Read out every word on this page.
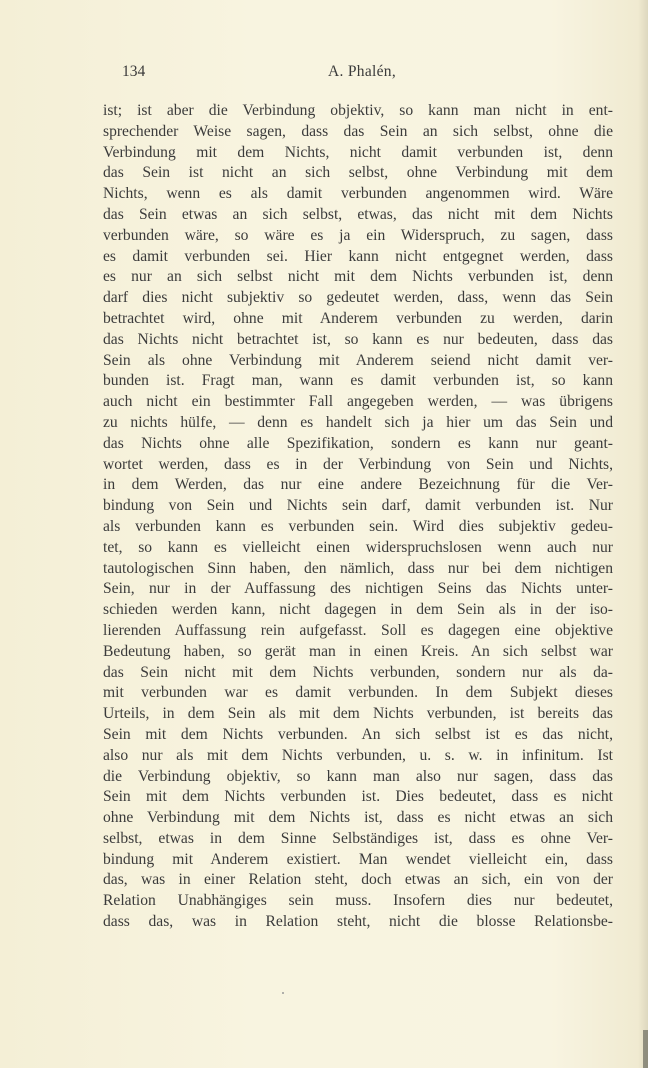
134	A. Phalén,
ist; ist aber die Verbindung objektiv, so kann man nicht in ent-
sprechender Weise sagen, dass das Sein an sich selbst, ohne die
Verbindung mit dem Nichts, nicht damit verbunden ist, denn
das Sein ist nicht an sich selbst, ohne Verbindung mit dem
Nichts, wenn es als damit verbunden angenommen wird. Wäre
das Sein etwas an sich selbst, etwas, das nicht mit dem Nichts
verbunden wäre, so wäre es ja ein Widerspruch, zu sagen, dass
es damit verbunden sei. Hier kann nicht entgegnet werden, dass
es nur an sich selbst nicht mit dem Nichts verbunden ist, denn
darf dies nicht subjektiv so gedeutet werden, dass, wenn das Sein
betrachtet wird, ohne mit Anderem verbunden zu werden, darin
das Nichts nicht betrachtet ist, so kann es nur bedeuten, dass das
Sein als ohne Verbindung mit Anderem seiend nicht damit ver-
bunden ist. Fragt man, wann es damit verbunden ist, so kann
auch nicht ein bestimmter Fall angegeben werden, — was übrigens
zu nichts hülfe, — denn es handelt sich ja hier um das Sein und
das Nichts ohne alle Spezifikation, sondern es kann nur geant-
wortet werden, dass es in der Verbindung von Sein und Nichts,
in dem Werden, das nur eine andere Bezeichnung für die Ver-
bindung von Sein und Nichts sein darf, damit verbunden ist. Nur
als verbunden kann es verbunden sein. Wird dies subjektiv gedeu-
tet, so kann es vielleicht einen widerspruchslosen wenn auch nur
tautologischen Sinn haben, den nämlich, dass nur bei dem nichtigen
Sein, nur in der Auffassung des nichtigen Seins das Nichts unter-
schieden werden kann, nicht dagegen in dem Sein als in der iso-
lierenden Auffassung rein aufgefasst. Soll es dagegen eine objektive
Bedeutung haben, so gerät man in einen Kreis. An sich selbst war
das Sein nicht mit dem Nichts verbunden, sondern nur als da-
mit verbunden war es damit verbunden. In dem Subjekt dieses
Urteils, in dem Sein als mit dem Nichts verbunden, ist bereits das
Sein mit dem Nichts verbunden. An sich selbst ist es das nicht,
also nur als mit dem Nichts verbunden, u. s. w. in infinitum. Ist
die Verbindung objektiv, so kann man also nur sagen, dass das
Sein mit dem Nichts verbunden ist. Dies bedeutet, dass es nicht
ohne Verbindung mit dem Nichts ist, dass es nicht etwas an sich
selbst, etwas in dem Sinne Selbständiges ist, dass es ohne Ver-
bindung mit Anderem existiert. Man wendet vielleicht ein, dass
das, was in einer Relation steht, doch etwas an sich, ein von der
Relation Unabhängiges sein muss. Insofern dies nur bedeutet,
dass das, was in Relation steht, nicht die blosse Relationsbe-
